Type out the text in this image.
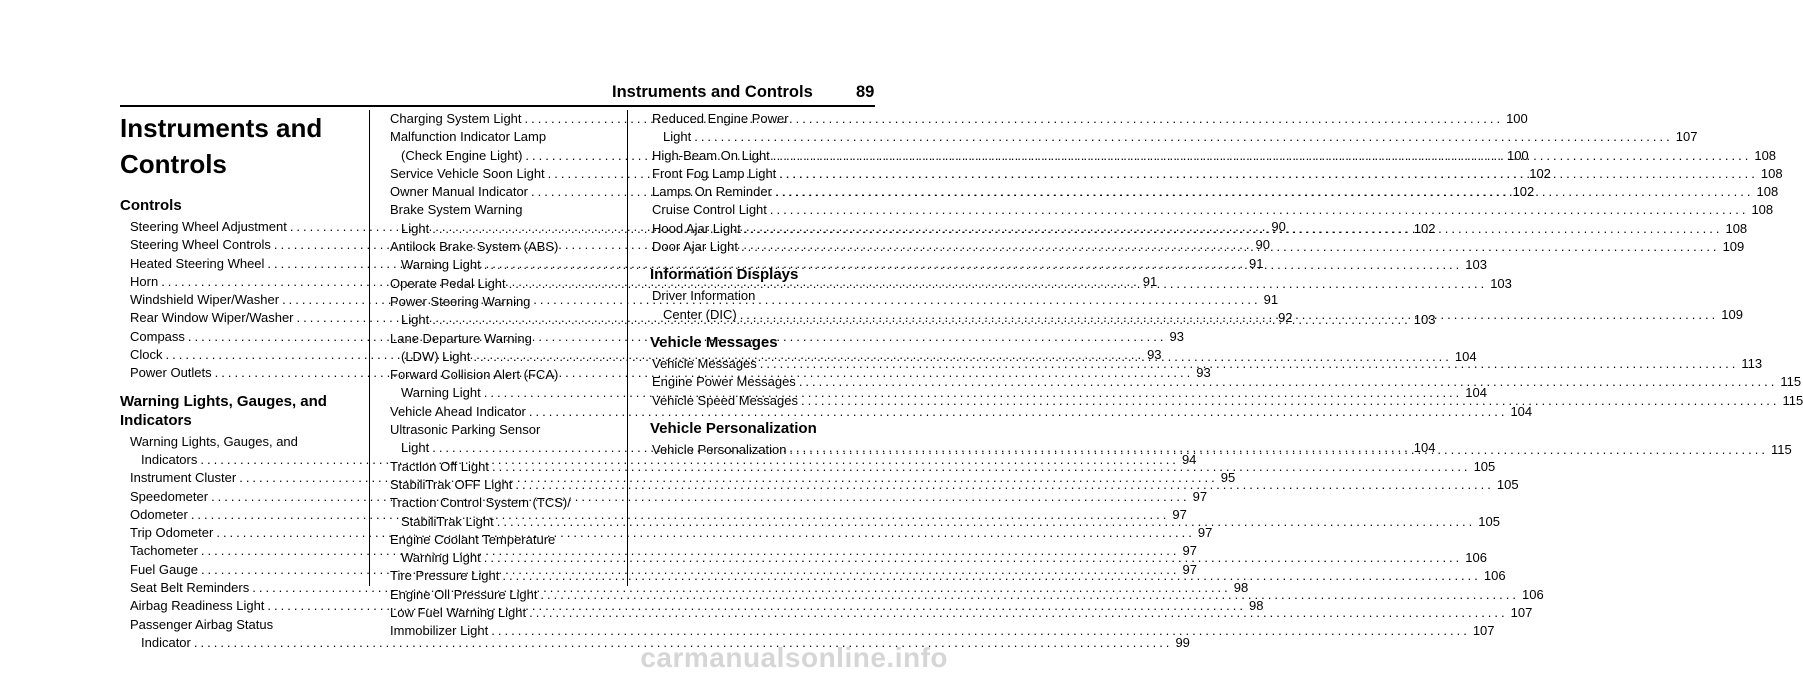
Instruments and Controls	89
Instruments and
Controls
Controls
Steering Wheel Adjustment .....	90
Steering Wheel Controls .....	90
Heated Steering Wheel .....	91
Horn .....	91
Windshield Wiper/Washer .....	91
Rear Window Wiper/Washer .....	92
Compass .....	93
Clock .....	93
Power Outlets .....	93
Warning Lights, Gauges, and
Indicators
Warning Lights, Gauges, and
Indicators .....	94
Instrument Cluster .....	95
Speedometer .....	97
Odometer .....	97
Trip Odometer .....	97
Tachometer .....	97
Fuel Gauge .....	97
Seat Belt Reminders .....	98
Airbag Readiness Light .....	98
Passenger Airbag Status
Indicator .....	99
Charging System Light .....	100
Malfunction Indicator Lamp
(Check Engine Light) .....	100
Service Vehicle Soon Light .....	102
Owner Manual Indicator .....	102
Brake System Warning
Light .....	102
Antilock Brake System (ABS)
Warning Light .....	103
Operate Pedal Light .....	103
Power Steering Warning
Light .....	103
Lane Departure Warning
(LDW) Light .....	104
Forward Collision Alert (FCA)
Warning Light .....	104
Vehicle Ahead Indicator .....	104
Ultrasonic Parking Sensor
Light .....	104
Traction Off Light .....	105
StabiliTrak OFF Light .....	105
Traction Control System (TCS)/
StabiliTrak Light .....	105
Engine Coolant Temperature
Warning Light .....	106
Tire Pressure Light .....	106
Engine Oil Pressure Light .....	106
Low Fuel Warning Light .....	107
Immobilizer Light .....	107
Reduced Engine Power
Light .....	107
High-Beam On Light .....	108
Front Fog Lamp Light .....	108
Lamps On Reminder .....	108
Cruise Control Light .....	108
Hood Ajar Light .....	108
Door Ajar Light .....	109
Information Displays
Driver Information
Center (DIC) .....	109
Vehicle Messages
Vehicle Messages .....	113
Engine Power Messages .....	115
Vehicle Speed Messages .....	115
Vehicle Personalization
Vehicle Personalization .....	115
carmanualsonline.info
